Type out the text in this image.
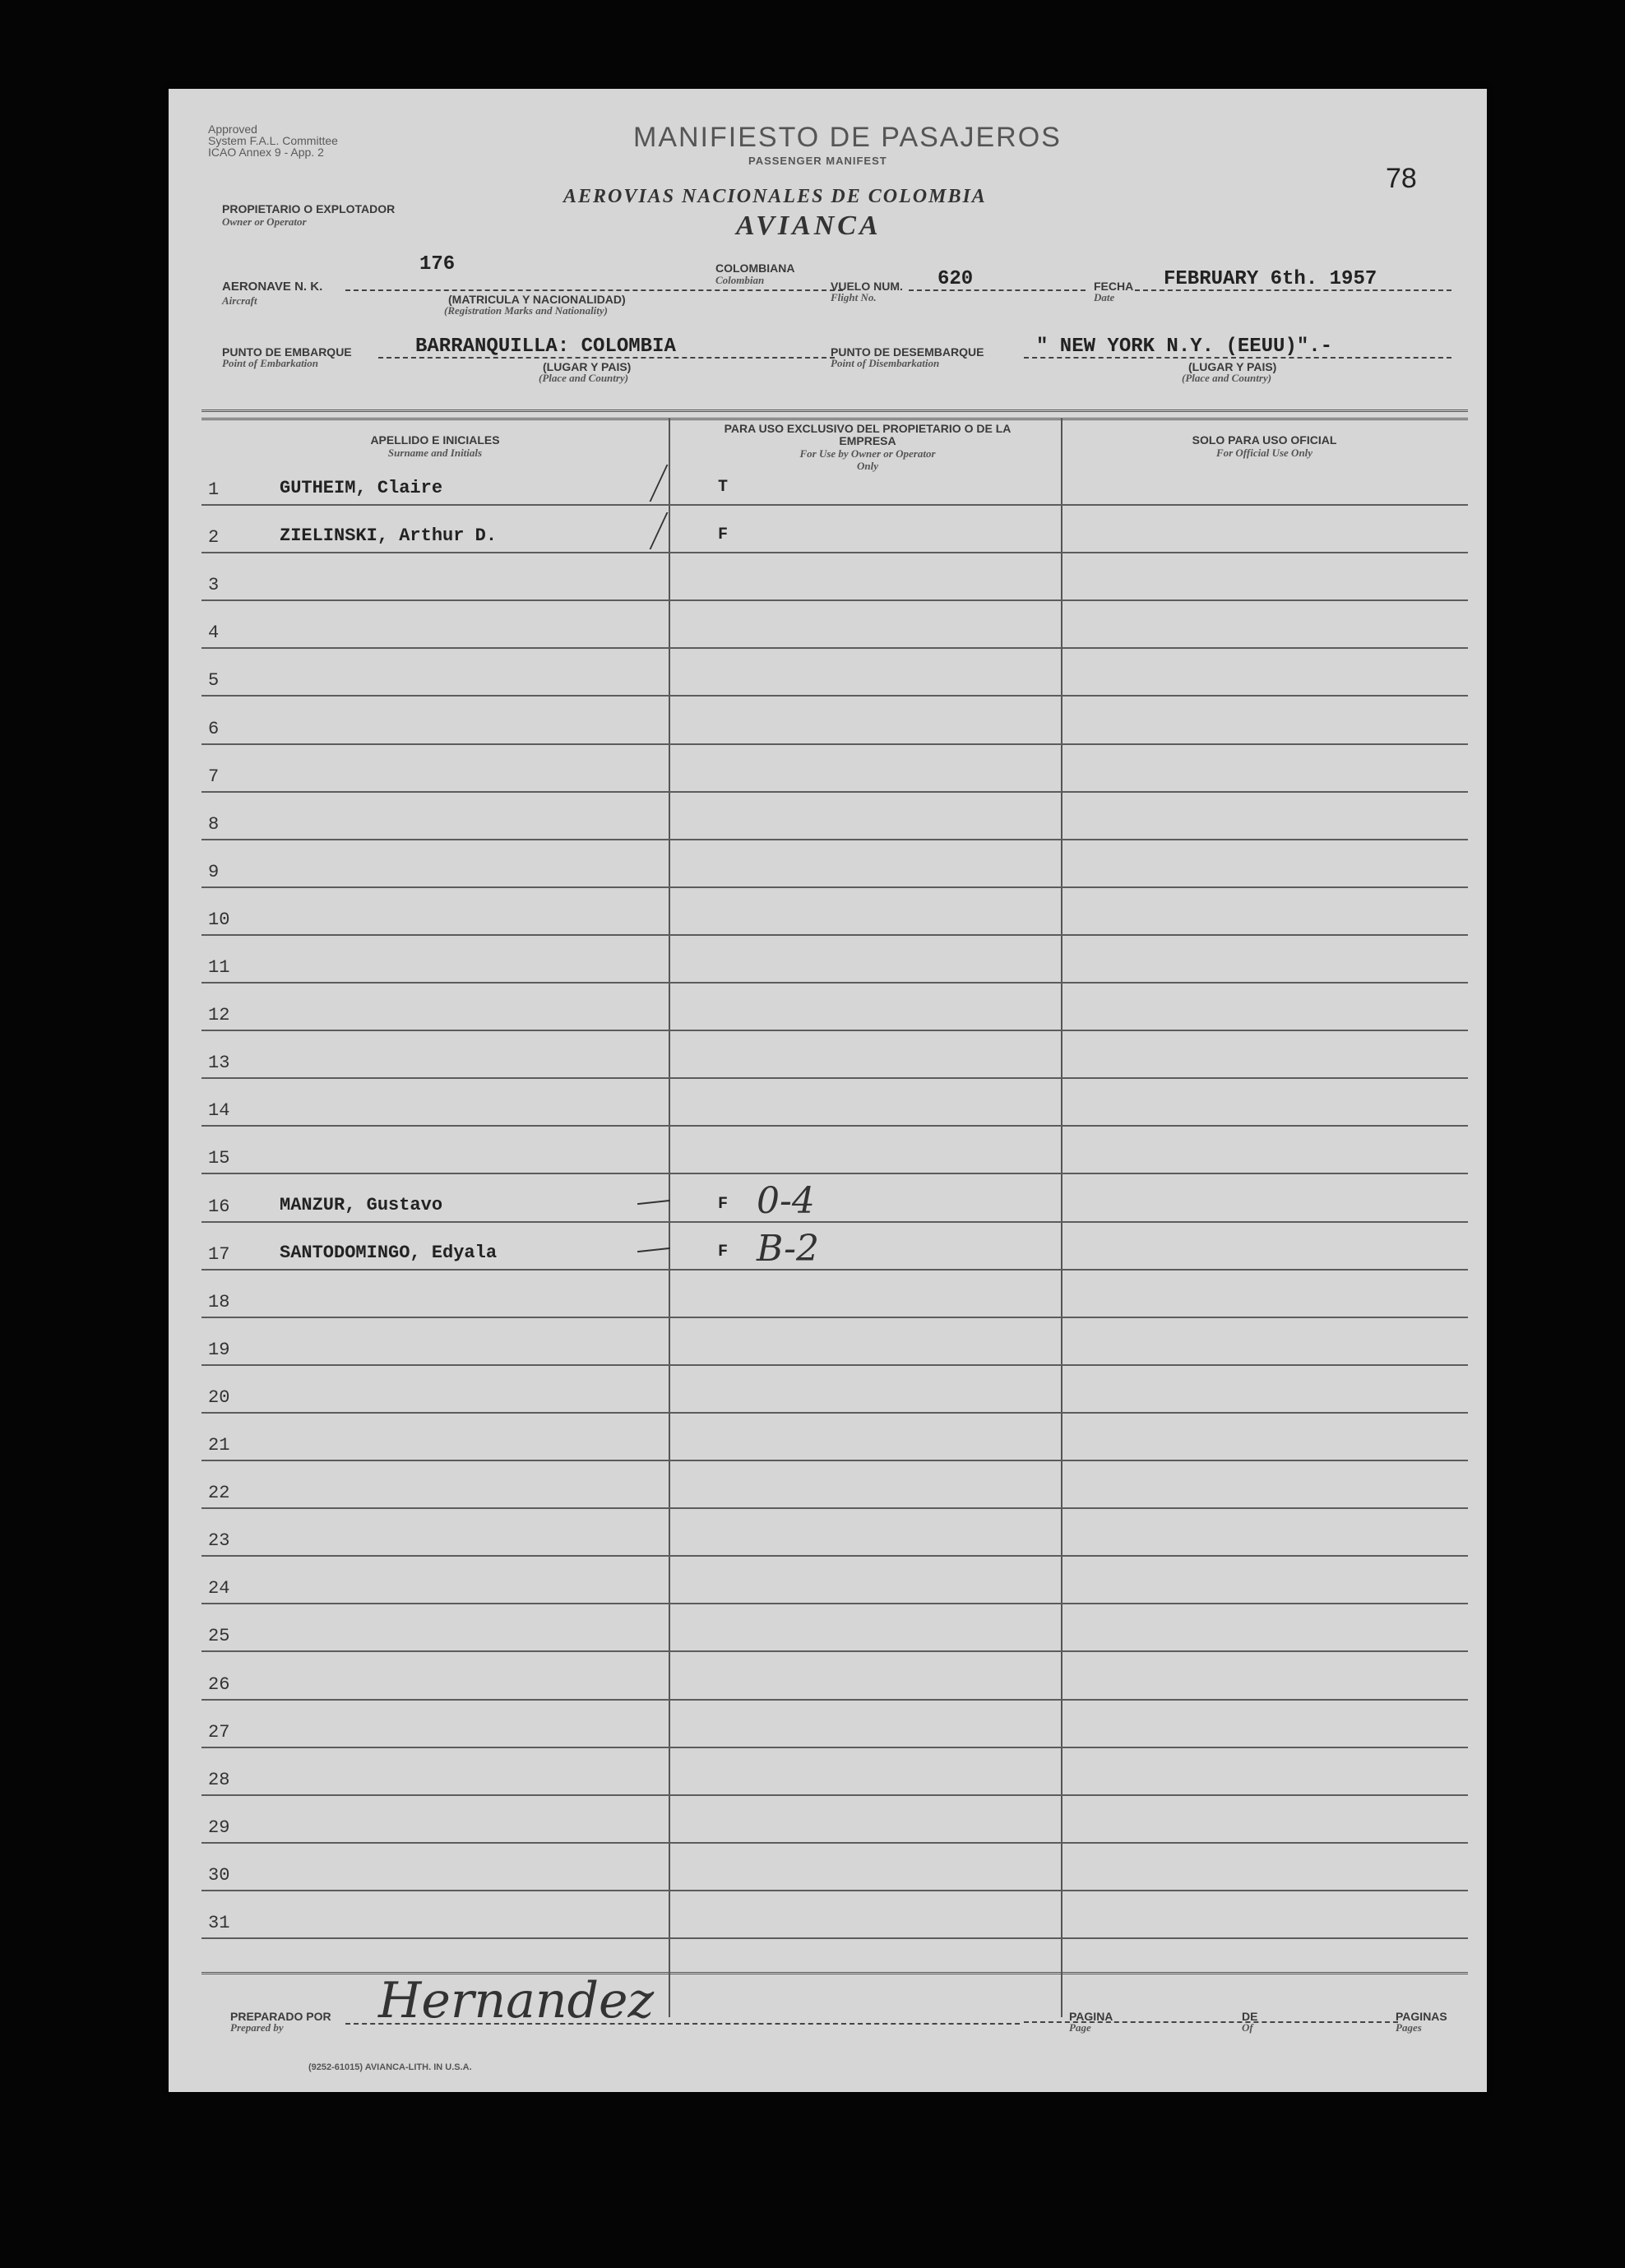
Approved
System F.A.L. Committee
ICAO Annex 9 - App. 2	MANIFIESTO DE PASAJEROS
PASSENGER MANIFEST
78
PROPIETARIO O EXPLOTADOR
Owner or Operator
AEROVIAS NACIONALES DE COLOMBIA
AVIANCA
AERONAVE N. K.
Aircraft
176
(MATRICULA Y NACIONALIDAD)
(Registration Marks and Nationality)
COLOMBIANA
Colombian	VUELO NUM.
Flight No.
620	FECHA
Date
FEBRUARY 6th. 1957
PUNTO DE EMBARQUE
Point of Embarkation
BARRANQUILLA: COLOMBIA
(LUGAR Y PAIS)
(Place and Country)
PUNTO DE DESEMBARQUE
Point of Disembarkation
" NEW YORK N.Y. (EEUU)".-
(LUGAR Y PAIS)
(Place and Country)
APELLIDO E INICIALES
Surname and Initials
PARA USO EXCLUSIVO DEL PROPIETARIO O DE LA EMPRESA
For Use by Owner or Operator Only
SOLO PARA USO OFICIAL
For Official Use Only
1	GUTHEIM, Claire	T
2	ZIELINSKI, Arthur D.	F
3
4
5
6
7
8
9
10
11
12
13
14
15
16	MANZUR, Gustavo	F 0-4
17	SANTODOMINGO, Edyala	F B-2
18
19
20
21
22
23
24
25
26
27
28
29
30
31
PREPARADO POR
Prepared by Hernandez	PAGINA
Page
DE
Of
PAGINAS
Pages
(9252-61015) AVIANCA-LITH. IN U.S.A.
